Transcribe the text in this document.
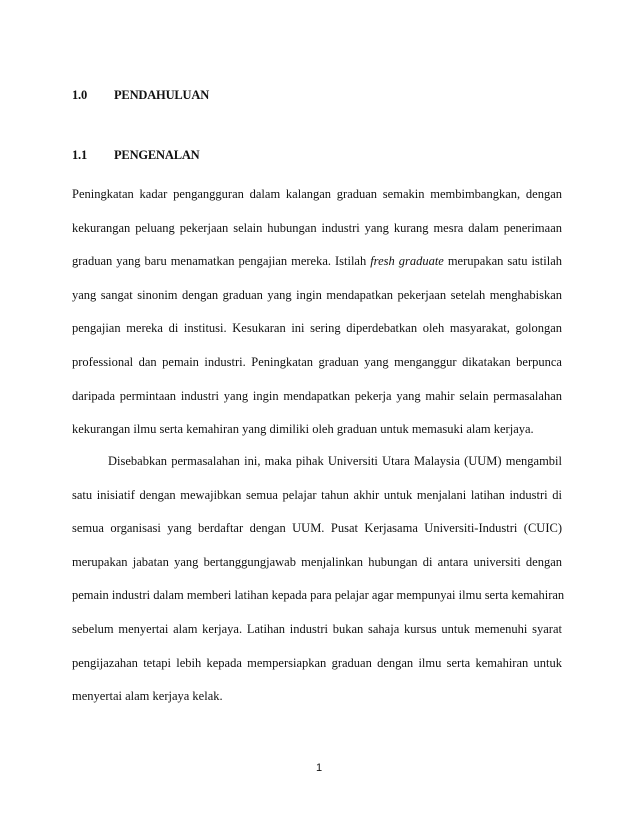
1.0	PENDAHULUAN
1.1	PENGENALAN
Peningkatan kadar pengangguran dalam kalangan graduan semakin membimbangkan, dengan
kekurangan peluang pekerjaan selain hubungan industri yang kurang mesra dalam penerimaan
graduan yang baru menamatkan pengajian mereka. Istilah fresh graduate merupakan satu istilah
yang sangat sinonim dengan graduan yang ingin mendapatkan pekerjaan setelah menghabiskan
pengajian mereka di institusi. Kesukaran ini sering diperdebatkan oleh masyarakat, golongan
professional dan pemain industri. Peningkatan graduan yang menganggur dikatakan berpunca
daripada permintaan industri yang ingin mendapatkan pekerja yang mahir selain permasalahan
kekurangan ilmu serta kemahiran yang dimiliki oleh graduan untuk memasuki alam kerjaya.
Disebabkan permasalahan ini, maka pihak Universiti Utara Malaysia (UUM) mengambil
satu inisiatif dengan mewajibkan semua pelajar tahun akhir untuk menjalani latihan industri di
semua organisasi yang berdaftar dengan UUM. Pusat Kerjasama Universiti-Industri (CUIC)
merupakan jabatan yang bertanggungjawab menjalinkan hubungan di antara universiti dengan
pemain industri dalam memberi latihan kepada para pelajar agar mempunyai ilmu serta kemahiran
sebelum menyertai alam kerjaya. Latihan industri bukan sahaja kursus untuk memenuhi syarat
pengijazahan tetapi lebih kepada mempersiapkan graduan dengan ilmu serta kemahiran untuk
menyertai alam kerjaya kelak.
1
